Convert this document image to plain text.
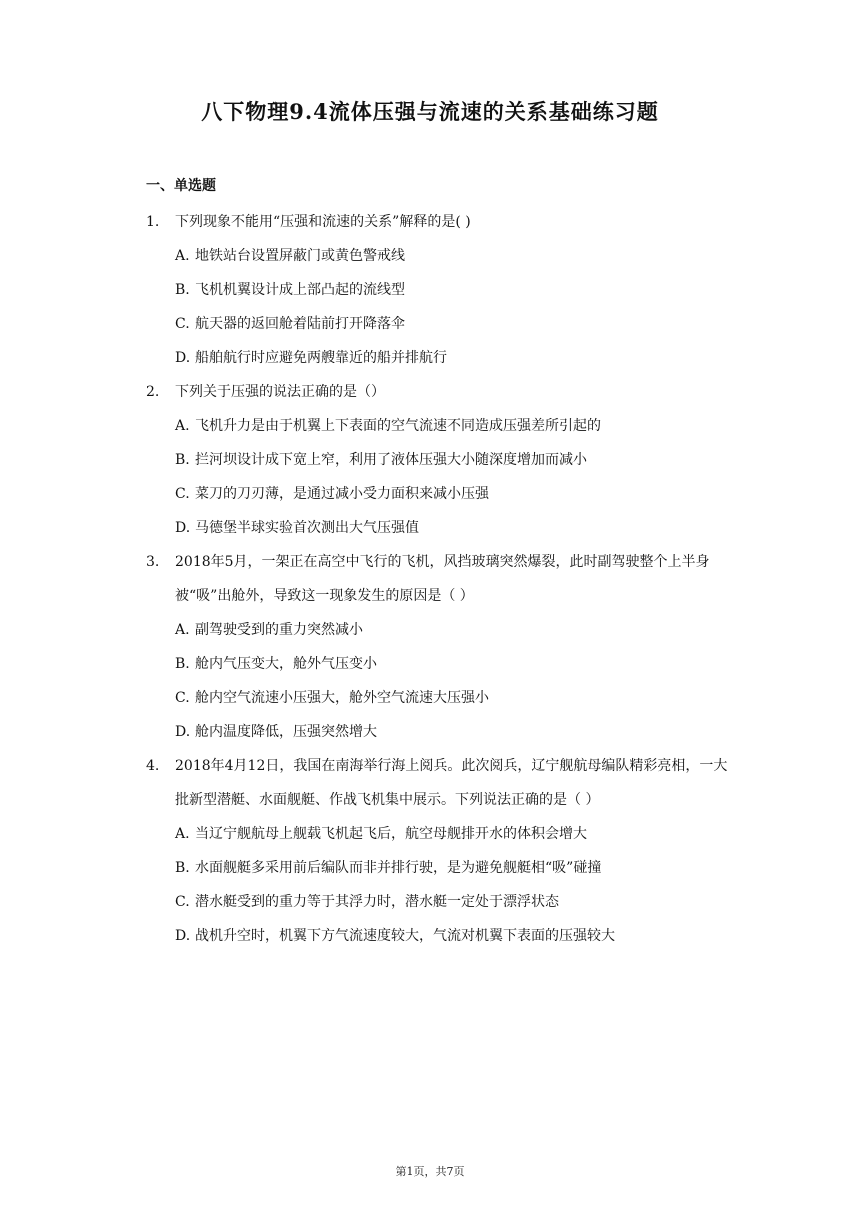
八下物理9.4流体压强与流速的关系基础练习题
一、单选题
1.	下列现象不能用“压强和流速的关系”解释的是( )
A. 地铁站台设置屏蔽门或黄色警戒线
B. 飞机机翼设计成上部凸起的流线型
C. 航天器的返回舱着陆前打开降落伞
D. 船舶航行时应避免两艘靠近的船并排航行
2.	下列关于压强的说法正确的是（）
A. 飞机升力是由于机翼上下表面的空气流速不同造成压强差所引起的
B. 拦河坝设计成下宽上窄，利用了液体压强大小随深度增加而减小
C. 菜刀的刀刃薄，是通过减小受力面积来减小压强
D. 马德堡半球实验首次测出大气压强值
3.	2018年5月，一架正在高空中飞行的飞机，风挡玻璃突然爆裂，此时副驾驶整个上半身被“吸”出舱外，导致这一现象发生的原因是（ ）
A. 副驾驶受到的重力突然减小
B. 舱内气压变大，舱外气压变小
C. 舱内空气流速小压强大，舱外空气流速大压强小
D. 舱内温度降低，压强突然增大
4.	2018年4月12日，我国在南海举行海上阅兵。此次阅兵，辽宁舰航母编队精彩亮相，一大批新型潜艇、水面舰艇、作战飞机集中展示。下列说法正确的是（ ）
A. 当辽宁舰航母上舰载飞机起飞后，航空母舰排开水的体积会增大
B. 水面舰艇多采用前后编队而非并排行驶，是为避免舰艇相“吸”碰撞
C. 潜水艇受到的重力等于其浮力时，潜水艇一定处于漂浮状态
D. 战机升空时，机翼下方气流速度较大，气流对机翼下表面的压强较大
第1页，共7页
